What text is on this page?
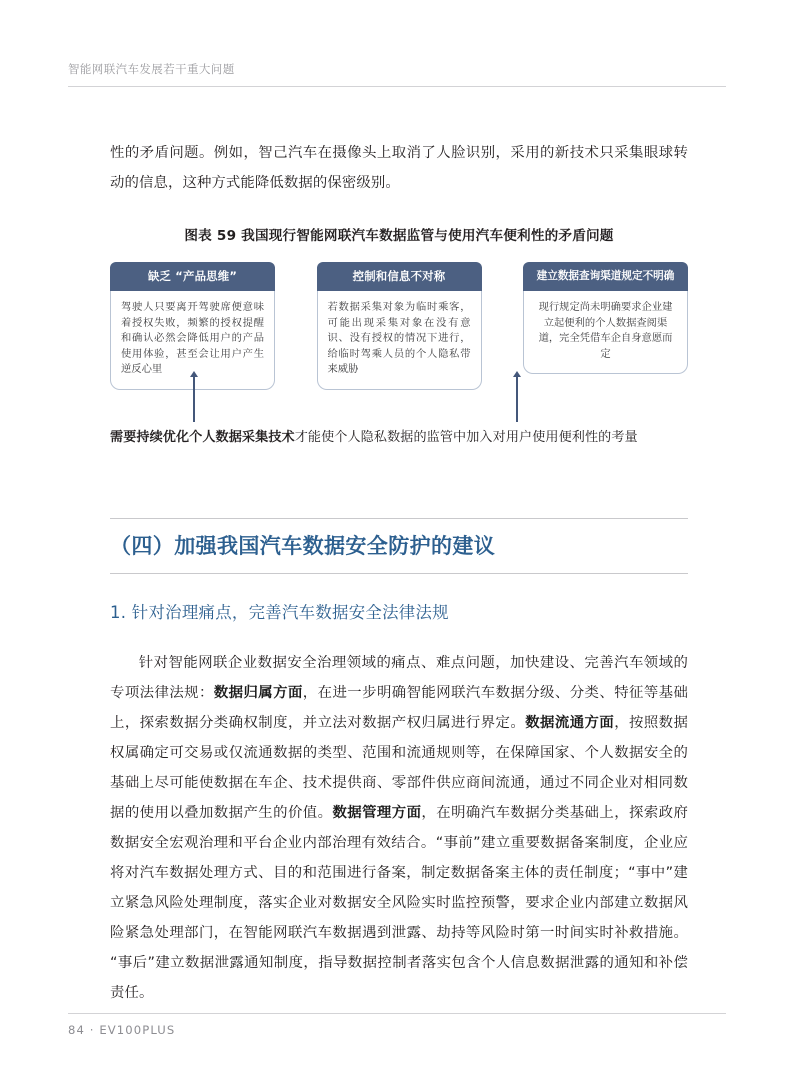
智能网联汽车发展若干重大问题

性的矛盾问题。例如，智己汽车在摄像头上取消了人脸识别，采用的新技术只采集眼球转动的信息，这种方式能降低数据的保密级别。

图表 59 我国现行智能网联汽车数据监管与使用汽车便利性的矛盾问题
缺乏 “产品思维”
驾驶人只要离开驾驶席便意味着授权失败，频繁的授权提醒和确认必然会降低用户的产品使用体验，甚至会让用户产生逆反心里
控制和信息不对称
若数据采集对象为临时乘客，可能出现采集对象在没有意识、没有授权的情况下进行，给临时驾乘人员的个人隐私带来威胁
建立数据查询渠道规定不明确
现行规定尚未明确要求企业建立起便利的个人数据查阅渠道，完全凭借车企自身意愿而定
需要持续优化个人数据采集技术才能使个人隐私数据的监管中加入对用户使用便利性的考量
（四）加强我国汽车数据安全防护的建议
1. 针对治理痛点，完善汽车数据安全法律法规

针对智能网联企业数据安全治理领域的痛点、难点问题，加快建设、完善汽车领域的专项法律法规：数据归属方面，在进一步明确智能网联汽车数据分级、分类、特征等基础上，探索数据分类确权制度，并立法对数据产权归属进行界定。数据流通方面，按照数据权属确定可交易或仅流通数据的类型、范围和流通规则等，在保障国家、个人数据安全的基础上尽可能使数据在车企、技术提供商、零部件供应商间流通，通过不同企业对相同数据的使用以叠加数据产生的价值。数据管理方面，在明确汽车数据分类基础上，探索政府数据安全宏观治理和平台企业内部治理有效结合。“事前”建立重要数据备案制度，企业应将对汽车数据处理方式、目的和范围进行备案，制定数据备案主体的责任制度；“事中”建立紧急风险处理制度，落实企业对数据安全风险实时监控预警，要求企业内部建立数据风险紧急处理部门，在智能网联汽车数据遇到泄露、劫持等风险时第一时间实时补救措施。“事后”建立数据泄露通知制度，指导数据控制者落实包含个人信息数据泄露的通知和补偿责任。

84 · EV100PLUS
